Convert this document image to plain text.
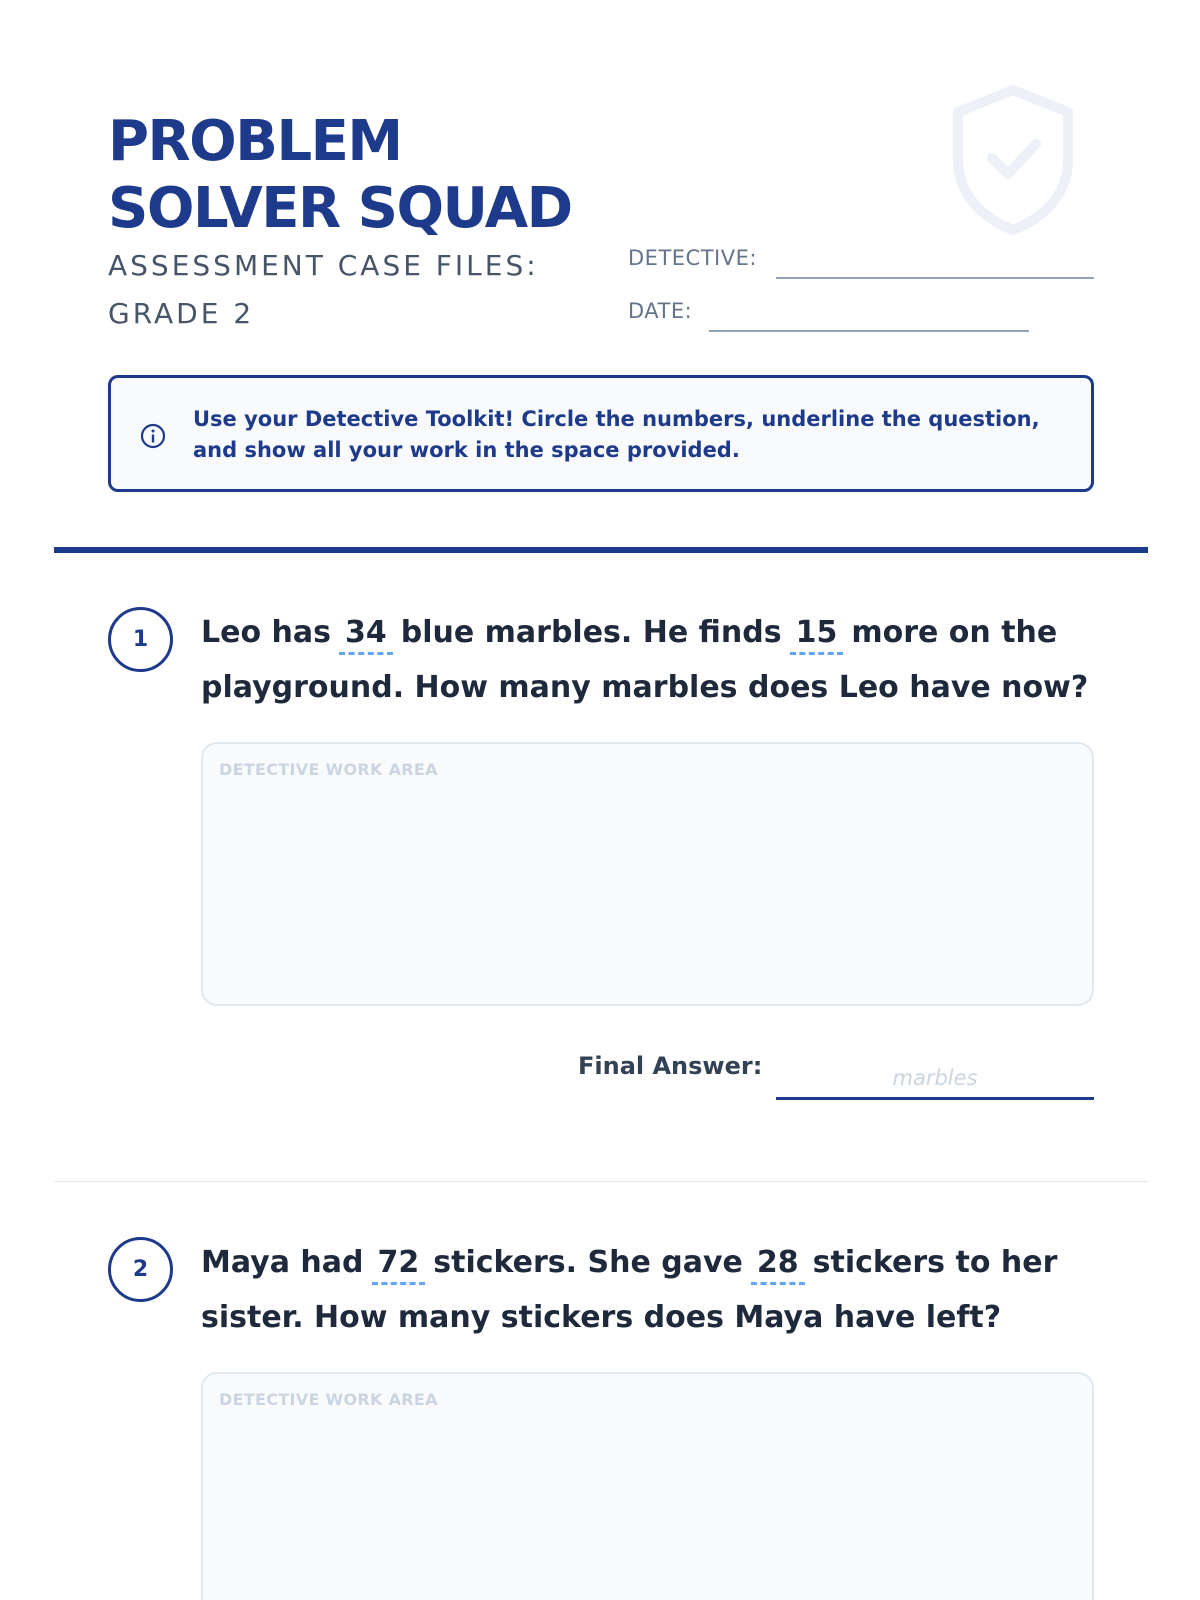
PROBLEM
SOLVER SQUAD
ASSESSMENT CASE FILES:
GRADE 2
DETECTIVE:
DATE:
Use your Detective Toolkit! Circle the numbers, underline the question, and show all your work in the space provided.
1	Leo has 34 blue marbles. He finds 15 more on the playground. How many marbles does Leo have now?
DETECTIVE WORK AREA
Final Answer:	marbles
2	Maya had 72 stickers. She gave 28 stickers to her sister. How many stickers does Maya have left?
DETECTIVE WORK AREA
